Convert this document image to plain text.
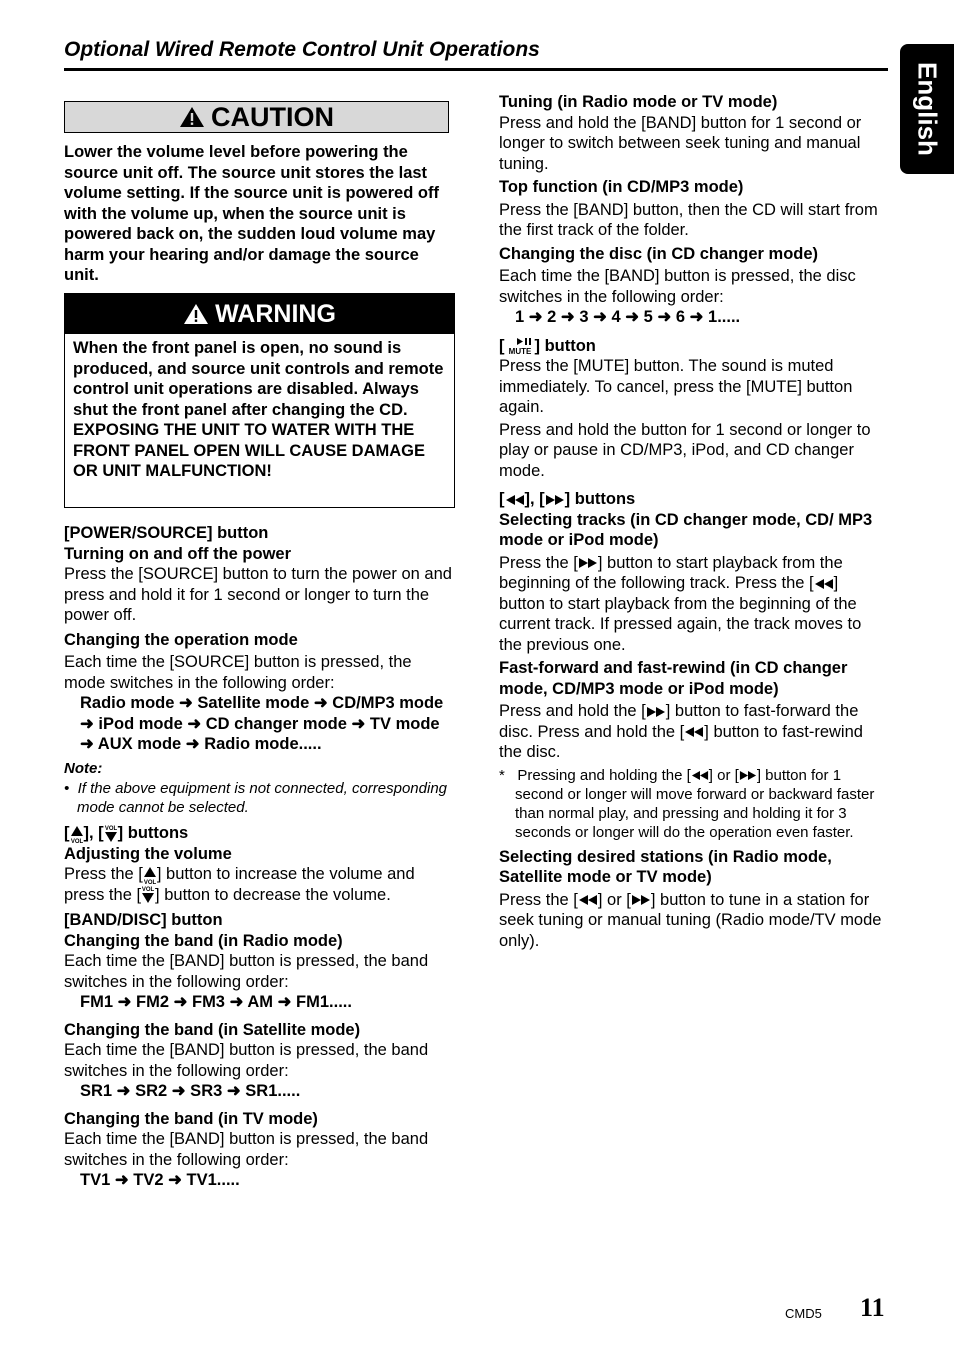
Optional Wired Remote Control Unit Operations
English
CAUTION
Lower the volume level before powering the source unit off. The source unit stores the last volume setting. If the source unit is powered off with the volume up, when the source unit is powered back on, the sudden loud volume may harm your hearing and/or damage the source unit.
WARNING

When the front panel is open, no sound is produced, and source unit controls and remote control unit operations are disabled. Always shut the front panel after changing the CD.

EXPOSING THE UNIT TO WATER WITH THE FRONT PANEL OPEN WILL CAUSE DAMAGE OR UNIT MALFUNCTION!

[POWER/SOURCE] button

Turning on and off the power

Press the [SOURCE] button to turn the power on and press and hold it for 1 second or longer to turn the power off.

Changing the operation mode

Each time the [SOURCE] button is pressed, the mode switches in the following order:

Radio mode ➜ Satellite mode ➜ CD/MP3 mode ➜ iPod mode ➜ CD changer mode ➜ TV mode ➜ AUX mode ➜ Radio mode.....

Note:

•  If the above equipment is not connected, corresponding mode cannot be selected.

[ VOL ], [ VOL ] buttons

Adjusting the volume

Press the [ VOL ] button to increase the volume and press the [ VOL ] button to decrease the volume.

[BAND/DISC] button

Changing the band (in Radio mode)

Each time the [BAND] button is pressed, the band switches in the following order:

FM1 ➜ FM2 ➜ FM3 ➜ AM ➜ FM1.....

Changing the band (in Satellite mode)

Each time the [BAND] button is pressed, the band switches in the following order:

SR1 ➜ SR2 ➜ SR3 ➜ SR1.....

Changing the band (in TV mode)

Each time the [BAND] button is pressed, the band switches in the following order:

TV1 ➜ TV2 ➜ TV1.....

Tuning (in Radio mode or TV mode)

Press and hold the [BAND] button for 1 second or longer to switch between seek tuning and manual tuning.

Top function (in CD/MP3 mode)

Press the [BAND] button, then the CD will start from the first track of the folder.

Changing the disc (in CD changer mode)

Each time the [BAND] button is pressed, the disc switches in the following order:

1 ➜ 2 ➜ 3 ➜ 4 ➜ 5 ➜ 6 ➜ 1.....

[ MUTE ] button

Press the [MUTE] button. The sound is muted immediately. To cancel, press the [MUTE] button again.

Press and hold the button for 1 second or longer to play or pause in CD/MP3, iPod, and CD changer mode.

[ ], [ ] buttons

Selecting tracks (in CD changer mode, CD/ MP3 mode or iPod mode)

Press the [ ] button to start playback from the beginning of the following track. Press the [ ] button to start playback from the beginning of the current track. If pressed again, the track moves to the previous one.

Fast-forward and fast-rewind (in CD changer mode, CD/MP3 mode or iPod mode)

Press and hold the [ ] button to fast-forward the disc. Press and hold the [ ] button to fast-rewind the disc.

*   Pressing and holding the [ ] or [ ] button for 1 second or longer will move forward or backward faster than normal play, and pressing and holding it for 3 seconds or longer will do the operation even faster.

Selecting desired stations (in Radio mode, Satellite mode or TV mode)

Press the [ ] or [ ] button to tune in a station for seek tuning or manual tuning (Radio mode/TV mode only).

CMD5 11
